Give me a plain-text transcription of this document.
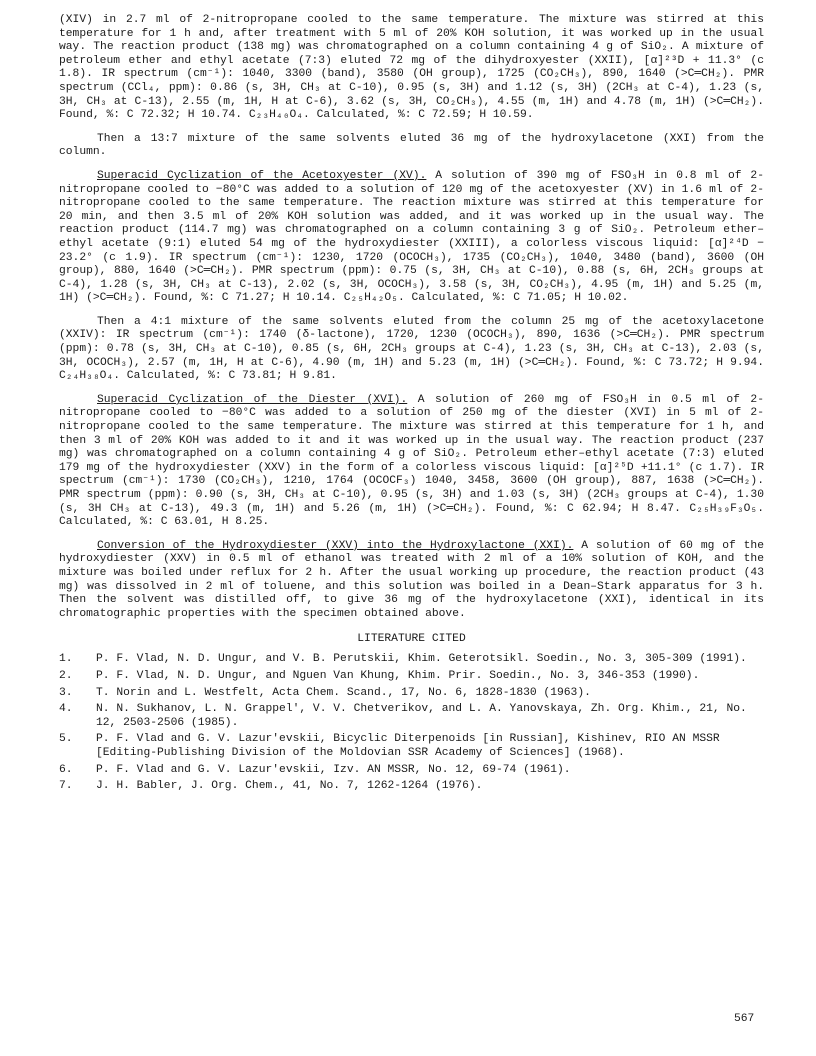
(XIV) in 2.7 ml of 2-nitropropane cooled to the same temperature. The mixture was stirred at this temperature for 1 h and, after treatment with 5 ml of 20% KOH solution, it was worked up in the usual way. The reaction product (138 mg) was chromatographed on a column containing 4 g of SiO₂. A mixture of petroleum ether and ethyl acetate (7:3) eluted 72 mg of the dihydroxyester (XXII), [α]²³D + 11.3° (c 1.8). IR spectrum (cm⁻¹): 1040, 3300 (band), 3580 (OH group), 1725 (CO₂CH₃), 890, 1640 (>C═CH₂). PMR spectrum (CCl₄, ppm): 0.86 (s, 3H, CH₃ at C-10), 0.95 (s, 3H) and 1.12 (s, 3H) (2CH₃ at C-4), 1.23 (s, 3H, CH₃ at C-13), 2.55 (m, 1H, H at C-6), 3.62 (s, 3H, CO₂CH₃), 4.55 (m, 1H) and 4.78 (m, 1H) (>C═CH₂). Found, %: C 72.32; H 10.74. C₂₃H₄₀O₄. Calculated, %: C 72.59; H 10.59.

Then a 13:7 mixture of the same solvents eluted 36 mg of the hydroxylacetone (XXI) from the column.

Superacid Cyclization of the Acetoxyester (XV). A solution of 390 mg of FSO₃H in 0.8 ml of 2-nitropropane cooled to −80°C was added to a solution of 120 mg of the acetoxyester (XV) in 1.6 ml of 2-nitropropane cooled to the same temperature. The reaction mixture was stirred at this temperature for 20 min, and then 3.5 ml of 20% KOH solution was added, and it was worked up in the usual way. The reaction product (114.7 mg) was chromatographed on a column containing 3 g of SiO₂. Petroleum ether–ethyl acetate (9:1) eluted 54 mg of the hydroxydiester (XXIII), a colorless viscous liquid: [α]²⁴D − 23.2° (c 1.9). IR spectrum (cm⁻¹): 1230, 1720 (OCOCH₃), 1735 (CO₂CH₃), 1040, 3480 (band), 3600 (OH group), 880, 1640 (>C═CH₂). PMR spectrum (ppm): 0.75 (s, 3H, CH₃ at C-10), 0.88 (s, 6H, 2CH₃ groups at C-4), 1.28 (s, 3H, CH₃ at C-13), 2.02 (s, 3H, OCOCH₃), 3.58 (s, 3H, CO₂CH₃), 4.95 (m, 1H) and 5.25 (m, 1H) (>C═CH₂). Found, %: C 71.27; H 10.14. C₂₅H₄₂O₅. Calculated, %: C 71.05; H 10.02.

Then a 4:1 mixture of the same solvents eluted from the column 25 mg of the acetoxylacetone (XXIV): IR spectrum (cm⁻¹): 1740 (δ-lactone), 1720, 1230 (OCOCH₃), 890, 1636 (>C═CH₂). PMR spectrum (ppm): 0.78 (s, 3H, CH₃ at C-10), 0.85 (s, 6H, 2CH₃ groups at C-4), 1.23 (s, 3H, CH₃ at C-13), 2.03 (s, 3H, OCOCH₃), 2.57 (m, 1H, H at C-6), 4.90 (m, 1H) and 5.23 (m, 1H) (>C═CH₂). Found, %: C 73.72; H 9.94. C₂₄H₃₈O₄. Calculated, %: C 73.81; H 9.81.

Superacid Cyclization of the Diester (XVI). A solution of 260 mg of FSO₃H in 0.5 ml of 2-nitropropane cooled to −80°C was added to a solution of 250 mg of the diester (XVI) in 5 ml of 2-nitropropane cooled to the same temperature. The mixture was stirred at this temperature for 1 h, and then 3 ml of 20% KOH was added to it and it was worked up in the usual way. The reaction product (237 mg) was chromatographed on a column containing 4 g of SiO₂. Petroleum ether–ethyl acetate (7:3) eluted 179 mg of the hydroxydiester (XXV) in the form of a colorless viscous liquid: [α]²⁵D +11.1° (c 1.7). IR spectrum (cm⁻¹): 1730 (CO₂CH₃), 1210, 1764 (OCOCF₃) 1040, 3458, 3600 (OH group), 887, 1638 (>C═CH₂). PMR spectrum (ppm): 0.90 (s, 3H, CH₃ at C-10), 0.95 (s, 3H) and 1.03 (s, 3H) (2CH₃ groups at C-4), 1.30 (s, 3H CH₃ at C-13), 49.3 (m, 1H) and 5.26 (m, 1H) (>C═CH₂). Found, %: C 62.94; H 8.47. C₂₅H₃₉F₃O₅. Calculated, %: C 63.01, H 8.25.

Conversion of the Hydroxydiester (XXV) into the Hydroxylactone (XXI). A solution of 60 mg of the hydroxydiester (XXV) in 0.5 ml of ethanol was treated with 2 ml of a 10% solution of KOH, and the mixture was boiled under reflux for 2 h. After the usual working up procedure, the reaction product (43 mg) was dissolved in 2 ml of toluene, and this solution was boiled in a Dean–Stark apparatus for 3 h. Then the solvent was distilled off, to give 36 mg of the hydroxylacetone (XXI), identical in its chromatographic properties with the specimen obtained above.

LITERATURE CITED
1.	P. F. Vlad, N. D. Ungur, and V. B. Perutskii, Khim. Geterotsikl. Soedin., No. 3, 305-309 (1991).
2.	P. F. Vlad, N. D. Ungur, and Nguen Van Khung, Khim. Prir. Soedin., No. 3, 346-353 (1990).
3.	T. Norin and L. Westfelt, Acta Chem. Scand., 17, No. 6, 1828-1830 (1963).
4.	N. N. Sukhanov, L. N. Grappel', V. V. Chetverikov, and L. A. Yanovskaya, Zh. Org. Khim., 21, No. 12, 2503-2506 (1985).
5.	P. F. Vlad and G. V. Lazur'evskii, Bicyclic Diterpenoids [in Russian], Kishinev, RIO AN MSSR [Editing-Publishing Division of the Moldovian SSR Academy of Sciences] (1968).
6.	P. F. Vlad and G. V. Lazur'evskii, Izv. AN MSSR, No. 12, 69-74 (1961).
7.	J. H. Babler, J. Org. Chem., 41, No. 7, 1262-1264 (1976).
567
